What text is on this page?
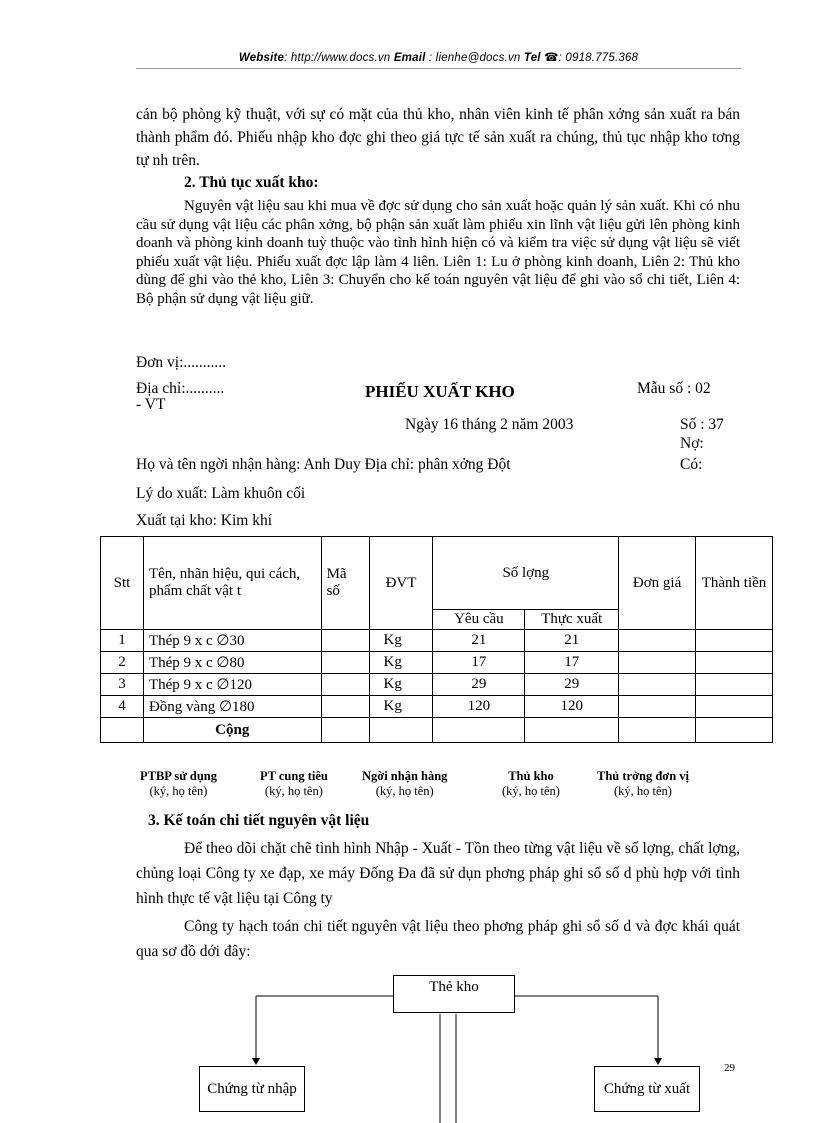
Website: http://www.docs.vn Email : lienhe@docs.vn Tel ☎: 0918.775.368
cán bộ phòng kỹ thuật, với sự có mặt của thủ kho, nhân viên kinh tế phân xởng sản xuất ra bán thành phẩm đó. Phiếu nhập kho đợc ghi theo giá tực tế sản xuất ra chúng, thủ tục nhập kho tơng tự nh trên.
2. Thủ tục xuất kho:
Nguyên vật liệu sau khi mua về đợc sử dụng cho sản xuất hoặc quản lý sản xuất. Khi có nhu cầu sử dụng vật liệu các phân xởng, bộ phận sản xuất làm phiếu xin lĩnh vật liệu gửi lên phòng kinh doanh và phòng kinh doanh tuỳ thuộc vào tình hình hiện có và kiểm tra việc sử dụng vật liệu sẽ viết phiếu xuất vật liệu. Phiếu xuất đợc lập làm 4 liên. Liên 1: Lu ở phòng kinh doanh, Liên 2: Thủ kho dùng để ghi vào thẻ kho, Liên 3: Chuyển cho kế toán nguyên vật liệu để ghi vào sổ chi tiết, Liên 4: Bộ phận sử dụng vật liệu giữ.
Đơn vị:...........
Địa chỉ:..........
- VT
PHIẾU XUẤT KHO	Mẫu số : 02
Ngày 16 tháng 2 năm 2003	Số : 37
Nợ:
Có:
Họ và tên ngời nhận hàng: Anh Duy Địa chỉ: phân xởng Đột
Lý do xuất: Làm khuôn cối
Xuất tại kho: Kim khí
Stt	Tên, nhãn hiệu, qui cách, phẩm chất vật t	Mã số	ĐVT	Số lợng		Đơn giá	Thành tiền
				Yêu cầu	Thực xuất		
1	Thép 9 x c ∅30		Kg	21	21		
2	Thép 9 x c ∅80		Kg	17	17		
3	Thép 9 x c ∅120		Kg	29	29		
4	Đồng vàng ∅180		Kg	120	120		
	Cộng						
PTBP sử dụng
(ký, họ tên)
PT cung tiêu
(ký, họ tên)
Ngời nhận hàng
(ký, họ tên)
Thủ kho
(ký, họ tên)
Thủ trởng đơn vị
(ký, họ tên)
3. Kế toán chi tiết nguyên vật liệu
Để theo dõi chặt chẽ tình hình Nhập - Xuất - Tồn theo từng vật liệu về số lợng, chất lợng, chủng loại Công ty xe đạp, xe máy Đống Đa đã sử dụn phơng pháp ghi sổ số d phù hợp với tình hình thực tế vật liệu tại Công ty
Công ty hạch toán chi tiết nguyên vật liệu theo phơng pháp ghi sổ số d và đợc khái quát qua sơ đồ dới đây:
Thẻ kho
Chứng từ nhập	Chứng từ xuất
29
